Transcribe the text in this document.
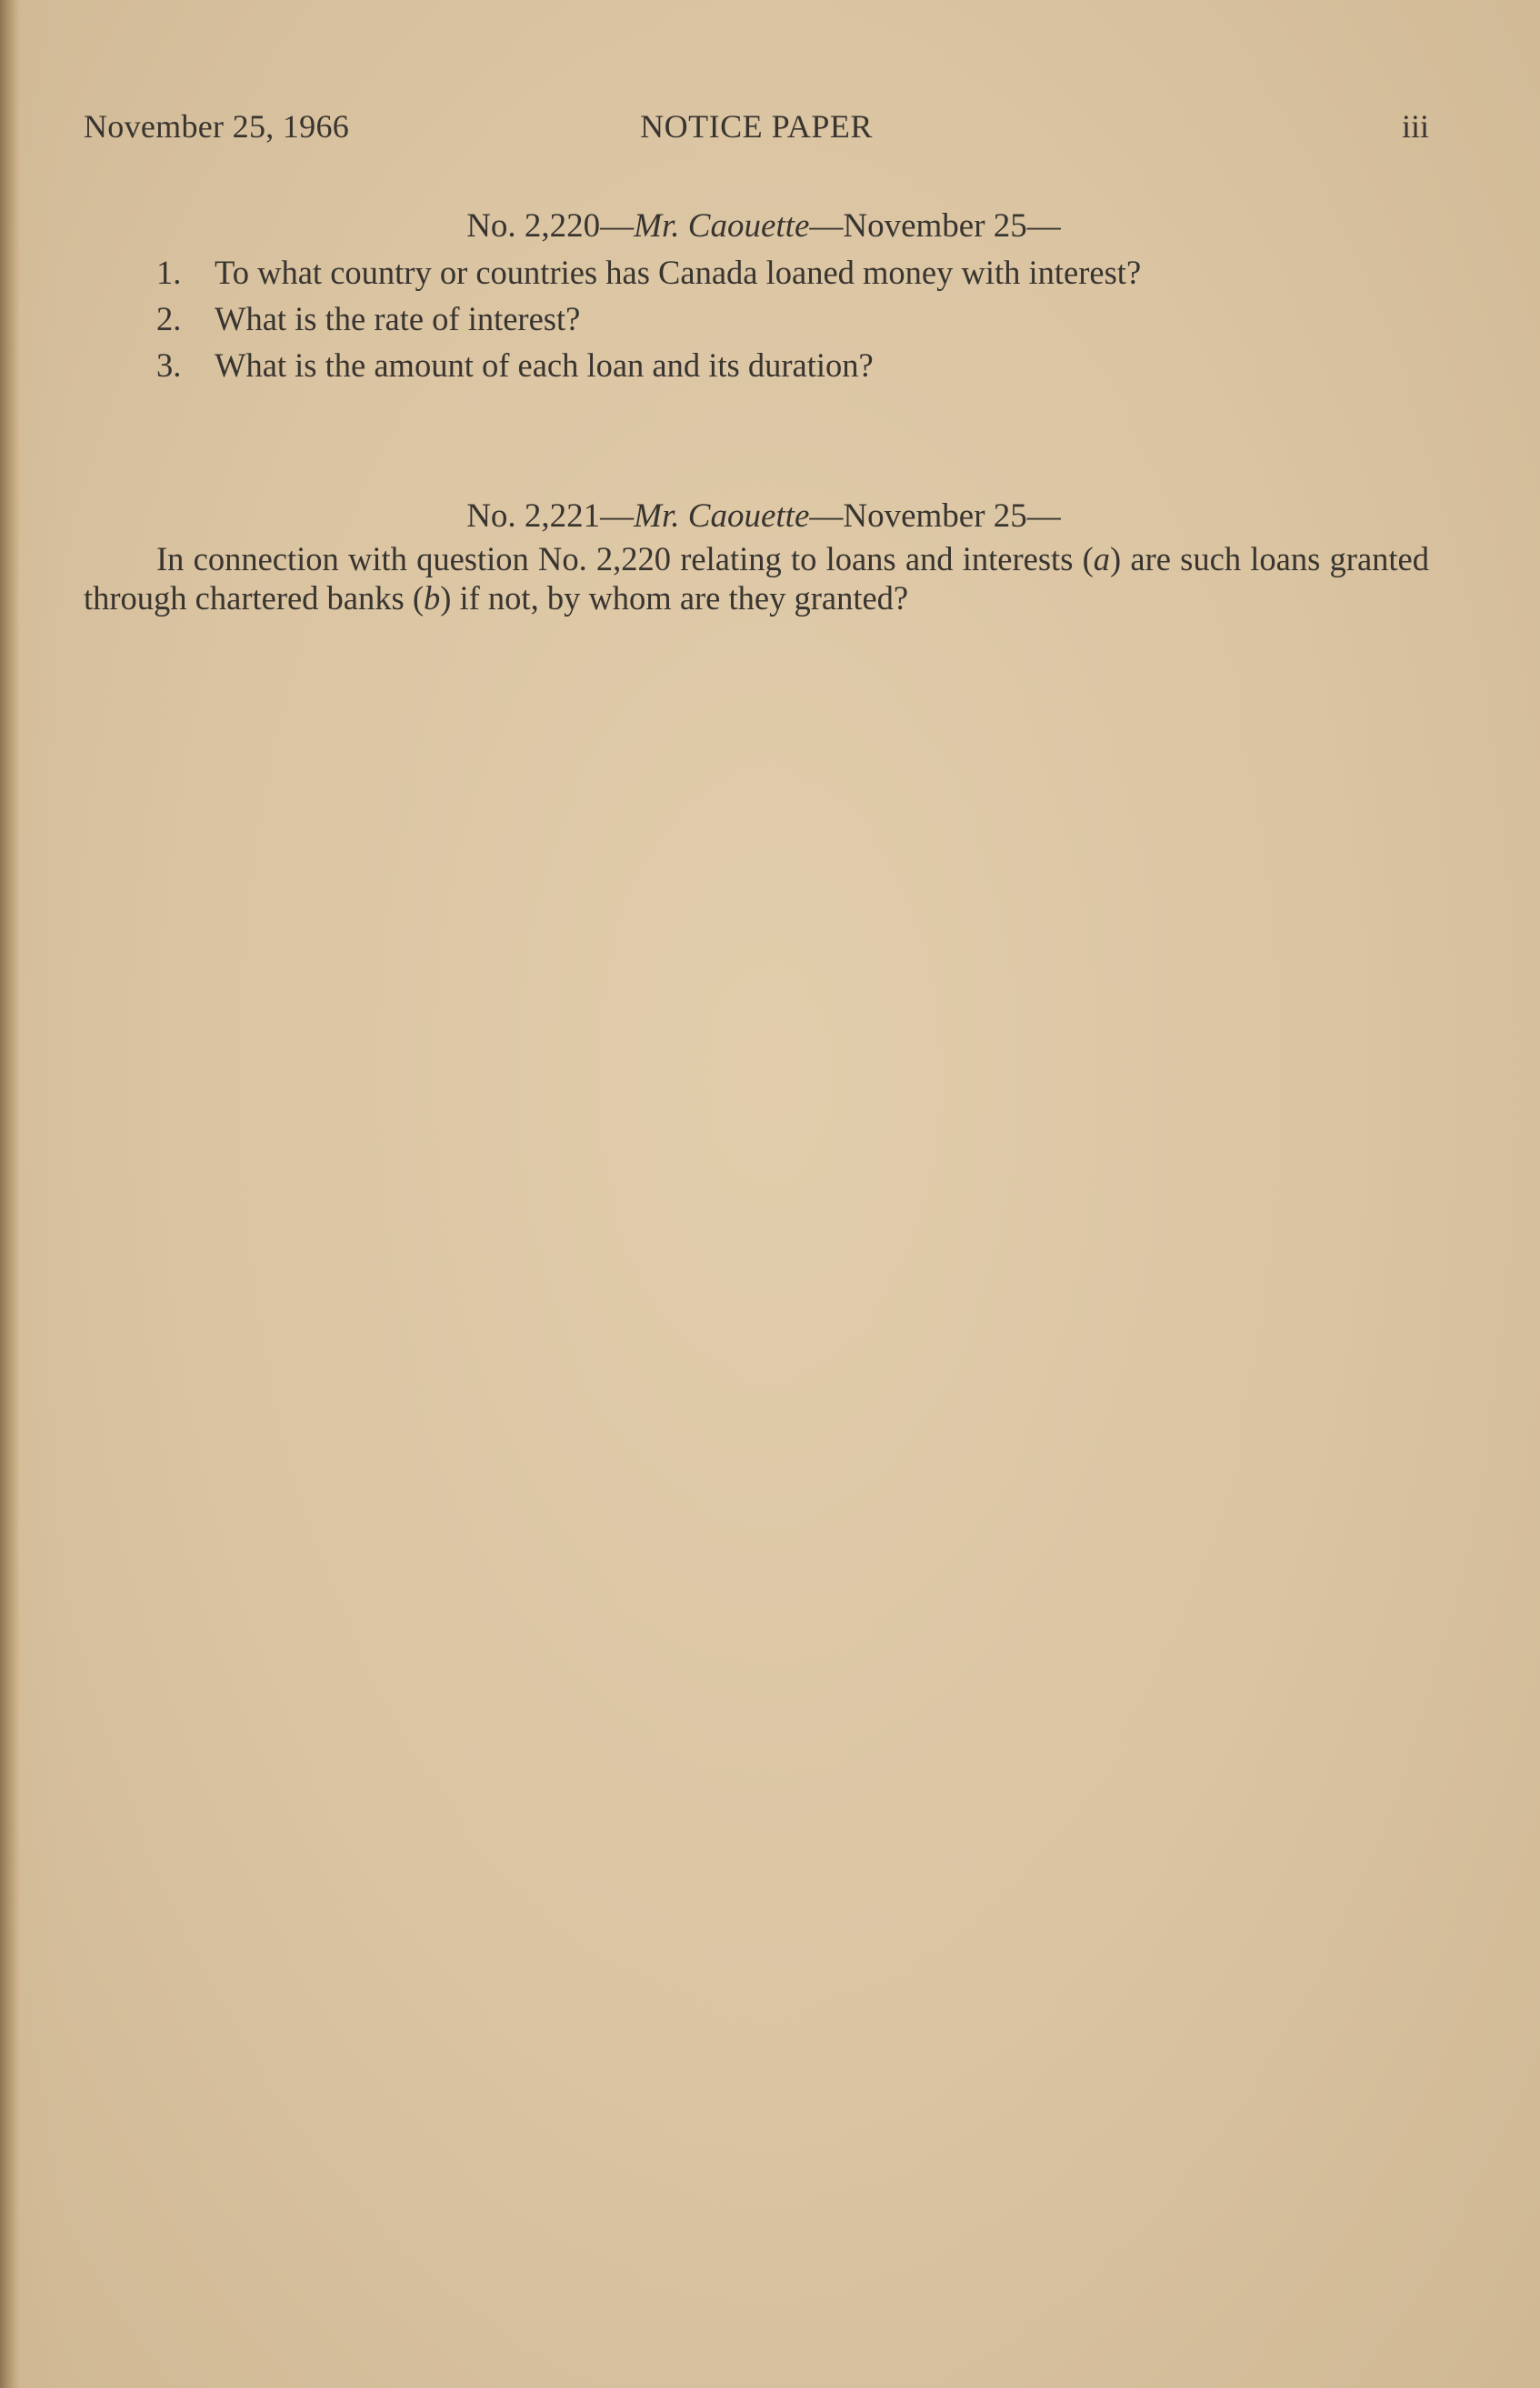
November 25, 1966	NOTICE PAPER	iii
No. 2,220—Mr. Caouette—November 25—
1. To what country or countries has Canada loaned money with interest?
2. What is the rate of interest?
3. What is the amount of each loan and its duration?
No. 2,221—Mr. Caouette—November 25—

In connection with question No. 2,220 relating to loans and interests (a) are such loans granted through chartered banks (b) if not, by whom are they granted?
